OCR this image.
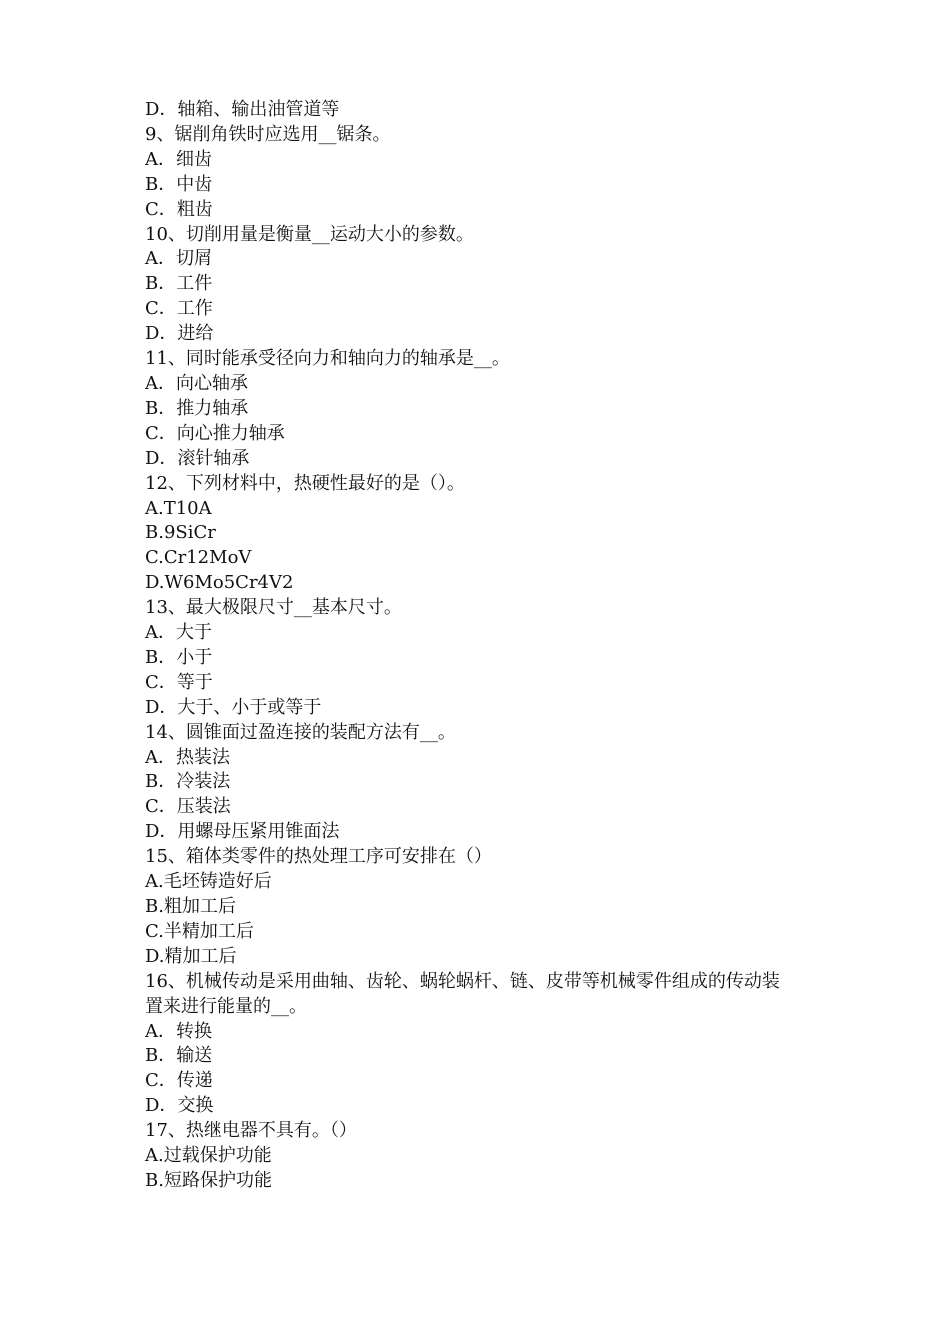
D．轴箱、输出油管道等
9、锯削角铁时应选用__锯条。
A．细齿
B．中齿
C．粗齿
10、切削用量是衡量__运动大小的参数。
A．切屑
B．工件
C．工作
D．进给
11、同时能承受径向力和轴向力的轴承是__。
A．向心轴承
B．推力轴承
C．向心推力轴承
D．滚针轴承
12、下列材料中，热硬性最好的是（）。
A.T10A
B.9SiCr
C.Cr12MoV
D.W6Mo5Cr4V2
13、最大极限尺寸__基本尺寸。
A．大于
B．小于
C．等于
D．大于、小于或等于
14、圆锥面过盈连接的装配方法有__。
A．热装法
B．冷装法
C．压装法
D．用螺母压紧用锥面法
15、箱体类零件的热处理工序可安排在（）
A.毛坯铸造好后
B.粗加工后
C.半精加工后
D.精加工后
16、机械传动是采用曲轴、齿轮、蜗轮蜗杆、链、皮带等机械零件组成的传动装
置来进行能量的__。
A．转换
B．输送
C．传递
D．交换
17、热继电器不具有。（）
A.过载保护功能
B.短路保护功能
